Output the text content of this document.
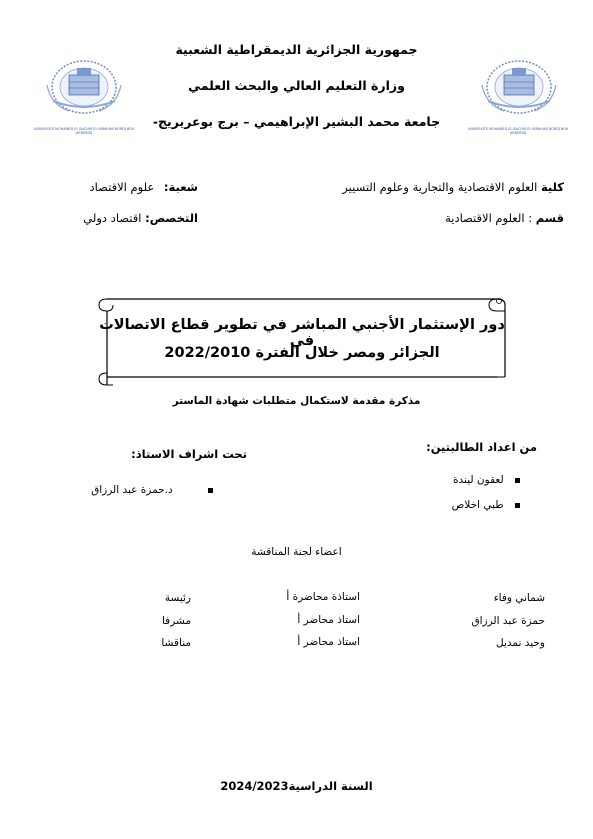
UNIVERSITE MOHAMED EL BACHIR EL IBRAHIMI BORDJ BOU ARRERIDJ
UNIVERSITE MOHAMED EL BACHIR EL IBRAHIMI BORDJ BOU ARRERIDJ
جمهورية الجزائرية الديمقراطية الشعبية
وزارة التعليم العالي والبحث العلمي
جامعة محمد البشير الإبراهيمي – برج بوعريريج-
كلية العلوم الاقتصادية والتجارية وعلوم التسيير
شعبة: علوم الاقتصاد
قسم : العلوم الاقتصادية
التخصص: اقتصاد دولي
دور الإستثمار الأجنبي المباشر في تطوير قطاع الاتصالات في
الجزائر ومصر خلال الفترة 2022/2010
مذكرة مقدمة لاستكمال متطلبات شهادة الماستر
من اعداد الطالبتين:
لعقون ليندة
طبي اخلاص
تحت اشراف الاستاذ:
د.حمزة عبد الرزاق
اعضاء لجنة المناقشة
شماني وفاء
استاذة محاضرة أ
رئيسة
حمزة عبد الرزاق
استاذ محاضر أ
مشرفا
وحيد نمديل
استاذ محاضر أ
مناقشا
السنة الدراسية2024/2023
